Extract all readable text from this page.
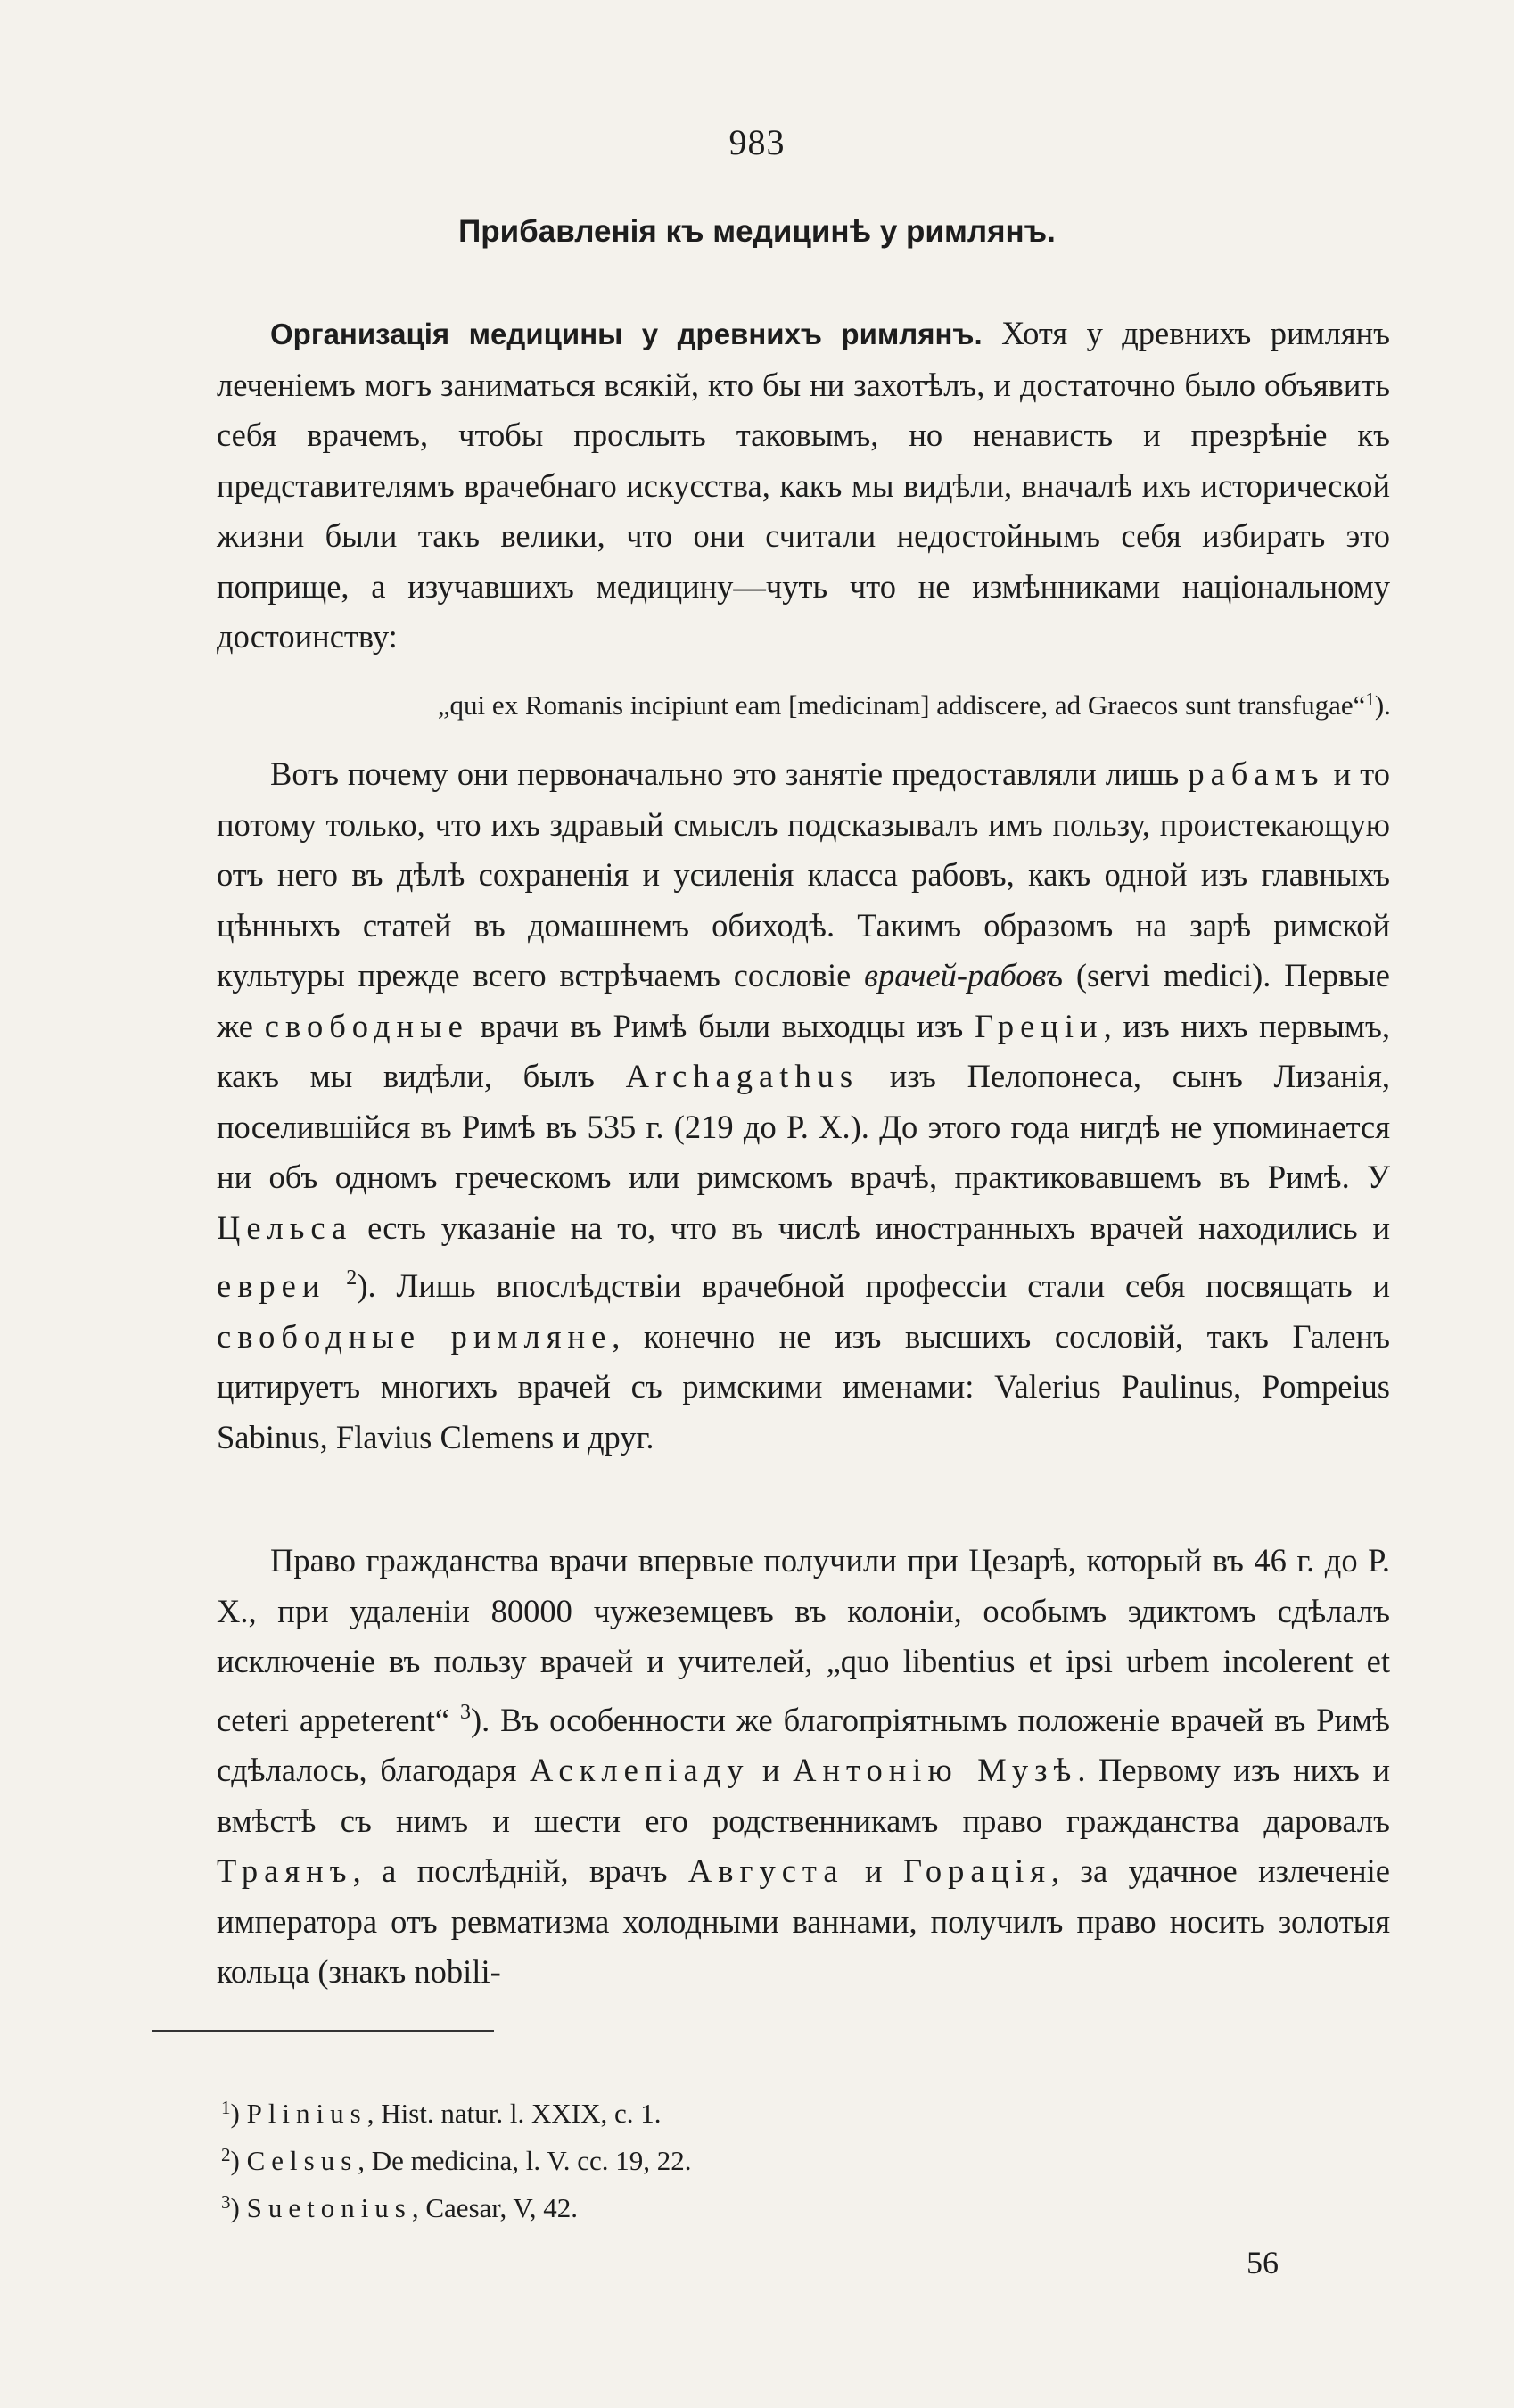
983
Прибавленія къ медицинѣ у римлянъ.

Организація медицины у древнихъ римлянъ. Хотя у древнихъ римлянъ леченіемъ могъ заниматься всякій, кто бы ни захотѣлъ, и достаточно было объявить себя врачемъ, чтобы прослыть таковымъ, но ненависть и презрѣніе къ представителямъ врачебнаго искусства, какъ мы видѣли, вначалѣ ихъ исторической жизни были такъ велики, что они считали недостойнымъ себя избирать это поприще, а изучавшихъ медицину—чуть что не измѣнниками національному достоинству:

„qui ex Romanis incipiunt eam [medicinam] addiscere, ad Graecos sunt transfugae“$^1$).

Вотъ почему они первоначально это занятіе предоставляли лишь рабамъ и то потому только, что ихъ здравый смыслъ подсказывалъ имъ пользу, проистекающую отъ него въ дѣлѣ сохраненія и усиленія класса рабовъ, какъ одной изъ главныхъ цѣнныхъ статей въ домашнемъ обиходѣ. Такимъ образомъ на зарѣ римской культуры прежде всего встрѣчаемъ сословіе врачей-рабовъ (servi medici). Первые же свободные врачи въ Римѣ были выходцы изъ Греціи, изъ нихъ первымъ, какъ мы видѣли, былъ Archagathus изъ Пелопонеса, сынъ Лизанія, поселившійся въ Римѣ въ 535 г. (219 до Р. Х.). До этого года нигдѣ не упоминается ни объ одномъ греческомъ или римскомъ врачѣ, практиковавшемъ въ Римѣ. У Цельса есть указаніе на то, что въ числѣ иностранныхъ врачей находились и евреи $^2$). Лишь впослѣдствіи врачебной профессіи стали себя посвящать и свободные римляне, конечно не изъ высшихъ сословій, такъ Галенъ цитируетъ многихъ врачей съ римскими именами: Valerius Paulinus, Pompeius Sabinus, Flavius Clemens и друг.

Право гражданства врачи впервые получили при Цезарѣ, который въ 46 г. до Р. Х., при удаленіи 80000 чужеземцевъ въ колоніи, особымъ эдиктомъ сдѣлалъ исключеніе въ пользу врачей и учителей, „quo libentius et ipsi urbem incolerent et ceteri appeterent“ $^3$). Въ особенности же благопріятнымъ положеніе врачей въ Римѣ сдѣлалось, благодаря Асклепіаду и Антонію Музѣ. Первому изъ нихъ и вмѣстѣ съ нимъ и шести его родственникамъ право гражданства даровалъ Траянъ, а послѣдній, врачъ Августа и Горація, за удачное излеченіе императора отъ ревматизма холодными ваннами, получилъ право носить золотыя кольца (знакъ nobili-

$^1$) Plinius, Hist. natur. l. XXIX, c. 1.
$^2$) Celsus, De medicina, l. V. cc. 19, 22.
$^3$) Suetonius, Caesar, V, 42.
56
